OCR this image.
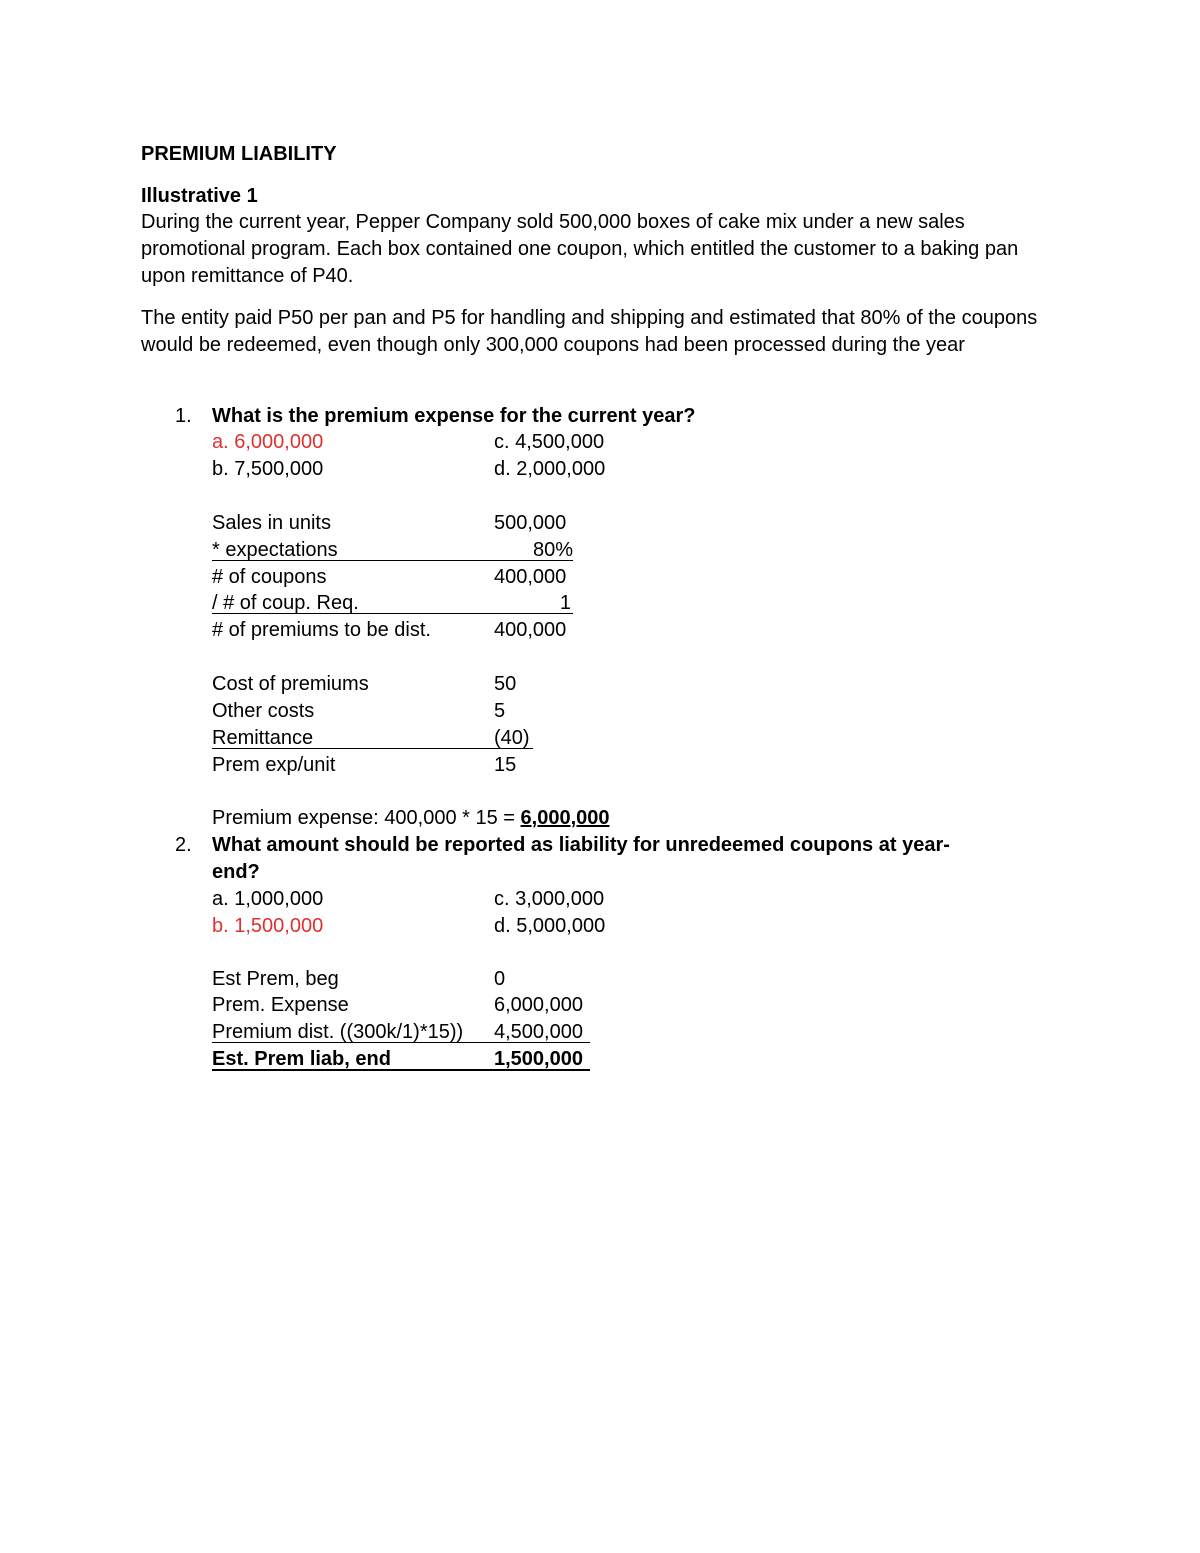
PREMIUM LIABILITY
Illustrative 1
During the current year, Pepper Company sold 500,000 boxes of cake mix under a new sales promotional program. Each box contained one coupon, which entitled the customer to a baking pan upon remittance of P40.
The entity paid P50 per pan and P5 for handling and shipping and estimated that 80% of the coupons would be redeemed, even though only 300,000 coupons had been processed during the year
1. What is the premium expense for the current year?
a. 6,000,000	c. 4,500,000
b. 7,500,000	d. 2,000,000
Sales in units	500,000
* expectations	80%
# of coupons	400,000
/ # of coup. Req.	1
# of premiums to be dist.	400,000
Cost of premiums	50
Other costs	5
Remittance	(40)
Prem exp/unit	15
Premium expense: 400,000 * 15 = 6,000,000
2. What amount should be reported as liability for unredeemed coupons at year-
end?
a. 1,000,000	c. 3,000,000
b. 1,500,000	d. 5,000,000
Est Prem, beg	0
Prem. Expense	6,000,000
Premium dist. ((300k/1)*15)) 4,500,000
Est. Prem liab, end	1,500,000
